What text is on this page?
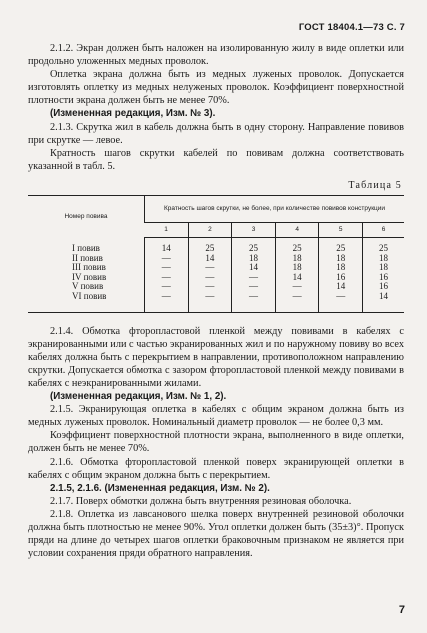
ГОСТ 18404.1—73 С. 7

2.1.2. Экран должен быть наложен на изолированную жилу в виде оплетки или продольно уложенных медных проволок.

Оплетка экрана должна быть из медных луженых проволок. Допускается изготовлять оплетку из медных нелуженых проволок. Коэффициент поверхностной плотности экрана должен быть не менее 70%.

(Измененная редакция, Изм. № 3).

2.1.3. Скрутка жил в кабель должна быть в одну сторону. Направление повивов при скрутке — левое.

Кратность шагов скрутки кабелей по повивам должна соответствовать указанной в табл. 5.

Таблица 5
Номер повива	Кратность шагов скрутки, не более, при количестве повивов конструкции					
	1	2	3	4	5	6
I повив	14	25	25	25	25	25
II повив	—	14	18	18	18	18
III повив	—	—	14	18	18	18
IV повив	—	—	—	14	16	16
V повив	—	—	—	—	14	16
VI повив	—	—	—	—	—	14

2.1.4. Обмотка фторопластовой пленкой между повивами в кабелях с экранированными или с частью экранированных жил и по наружному повиву во всех кабелях должна быть с перекрытием в направлении, противоположном направлению скрутки. Допускается обмотка с зазором фторопластовой пленкой между повивами в кабелях с неэкранированными жилами.

(Измененная редакция, Изм. № 1, 2).

2.1.5. Экранирующая оплетка в кабелях с общим экраном должна быть из медных луженых проволок. Номинальный диаметр проволок — не более 0,3 мм.

Коэффициент поверхностной плотности экрана, выполненного в виде оплетки, должен быть не менее 70%.

2.1.6. Обмотка фторопластовой пленкой поверх экранирующей оплетки в кабелях с общим экраном должна быть с перекрытием.

2.1.5, 2.1.6. (Измененная редакция, Изм. № 2).

2.1.7. Поверх обмотки должна быть внутренняя резиновая оболочка.

2.1.8. Оплетка из лавсанового шелка поверх внутренней резиновой оболочки должна быть плотностью не менее 90%. Угол оплетки должен быть (35±3)°. Пропуск пряди на длине до четырех шагов оплетки браковочным признаком не является при условии сохранения пряди обратного направления.

7
